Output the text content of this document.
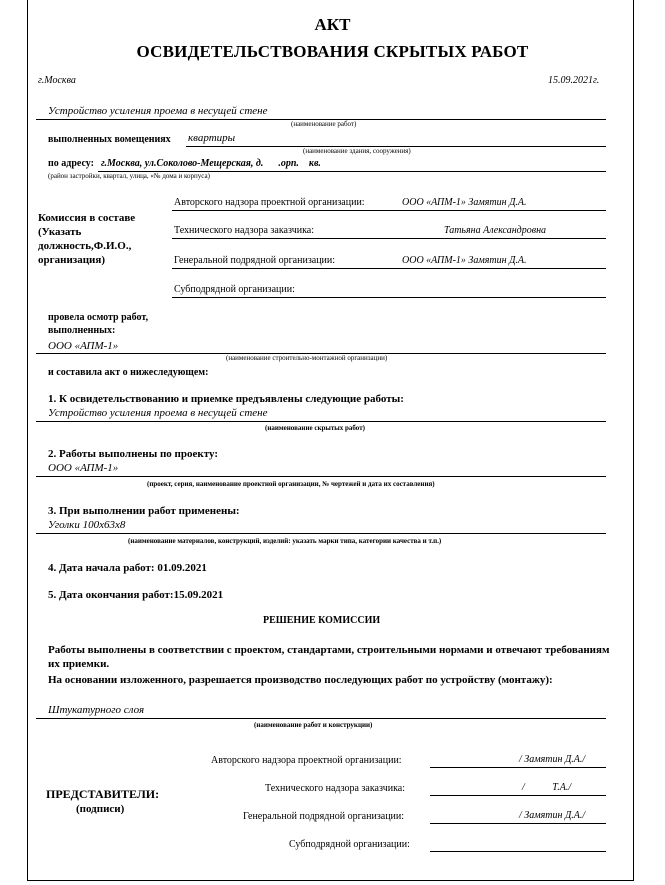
АКТ
ОСВИДЕТЕЛЬСТВОВАНИЯ СКРЫТЫХ РАБОТ
г.Москва	15.09.2021г.
Устройство усиления проема в несущей стене
(наименование работ)
выполненных вомещениях квартиры
(наименование здания, сооружения)
по адресу: г.Москва, ул.Соколово-Мещерская, д.      .орп.    кв.
(район застройки, квартал, улица, «№ дома и корпуса)
Комиссия в составе (Указать должность,Ф.И.О., организация)
Авторского надзора проектной организации:	ООО «АПМ-1» Замятин Д.А.
Технического надзора заказчика:	Татьяна Александровна
Генеральной подрядной организации:	ООО «АПМ-1» Замятин Д.А.
Субподрядной организации:
провела осмотр работ, выполненных:
ООО «АПМ-1»
(наименование строительно-монтажной организации)
и составила акт о нижеследующем:
1. К освидетельствованию и приемке предъявлены следующие работы:
Устройство усиления проема в несущей стене
(наименование скрытых работ)
2. Работы выполнены по проекту:
ООО «АПМ-1»
(проект, серия, наименование проектной организации, № чертежей и дата их составления)
3. При выполнении работ применены:
Уголки 100х63х8
(наименование материалов, конструкций, изделий: указать марки типа, категории качества и т.п.)
4. Дата начала работ: 01.09.2021
5. Дата окончания работ:15.09.2021
РЕШЕНИЕ КОМИССИИ
Работы выполнены в соответствии с проектом, стандартами, строительными нормами и отвечают требованиям их приемки.
На основании изложенного, разрешается производство последующих работ по устройству (монтажу):
Штукатурного слоя
(наименование работ и конструкции)
ПРЕДСТАВИТЕЛИ:
(подписи)
Авторского надзора проектной организации:	/ Замятин Д.А./
Технического надзора заказчика:	/           Т.А./
Генеральной подрядной организации:	/ Замятин Д.А./
Субподрядной организации:
